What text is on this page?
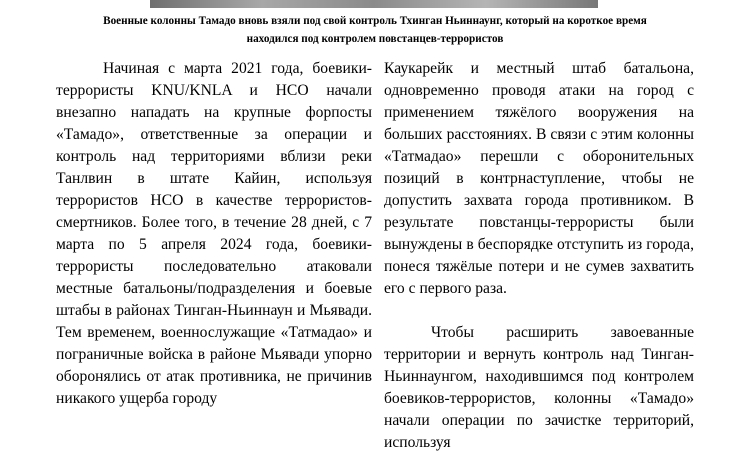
Военные колонны Тамадо вновь взяли под свой контроль Тхинган Ньиннаунг, который на короткое время
находился под контролем повстанцев-террористов

Начиная с марта 2021 года, боевики-террористы KNU/KNLA и НСО начали внезапно нападать на крупные форпосты «Тамадо», ответственные за операции и контроль над территориями вблизи реки Танлвин в штате Кайин, используя террористов НСО в качестве террористов-смертников. Более того, в течение 28 дней, с 7 марта по 5 апреля 2024 года, боевики-террористы последовательно атаковали местные батальоны/подразделения и боевые штабы в районах Тинган-Ньиннаун и Мьявади. Тем временем, военнослужащие «Татмадао» и пограничные войска в районе Мьявади упорно оборонялись от атак противника, не причинив никакого ущерба городу

Каукарейк и местный штаб батальона, одновременно проводя атаки на город с применением тяжёлого вооружения на больших расстояниях. В связи с этим колонны «Татмадао» перешли с оборонительных позиций в контрнаступление, чтобы не допустить захвата города противником. В результате повстанцы-террористы были вынуждены в беспорядке отступить из города, понеся тяжёлые потери и не сумев захватить его с первого раза.

Чтобы расширить завоеванные территории и вернуть контроль над Тинган-Ньиннаунгом, находившимся под контролем боевиков-террористов, колонны «Тамадо» начали операции по зачистке территорий, используя
